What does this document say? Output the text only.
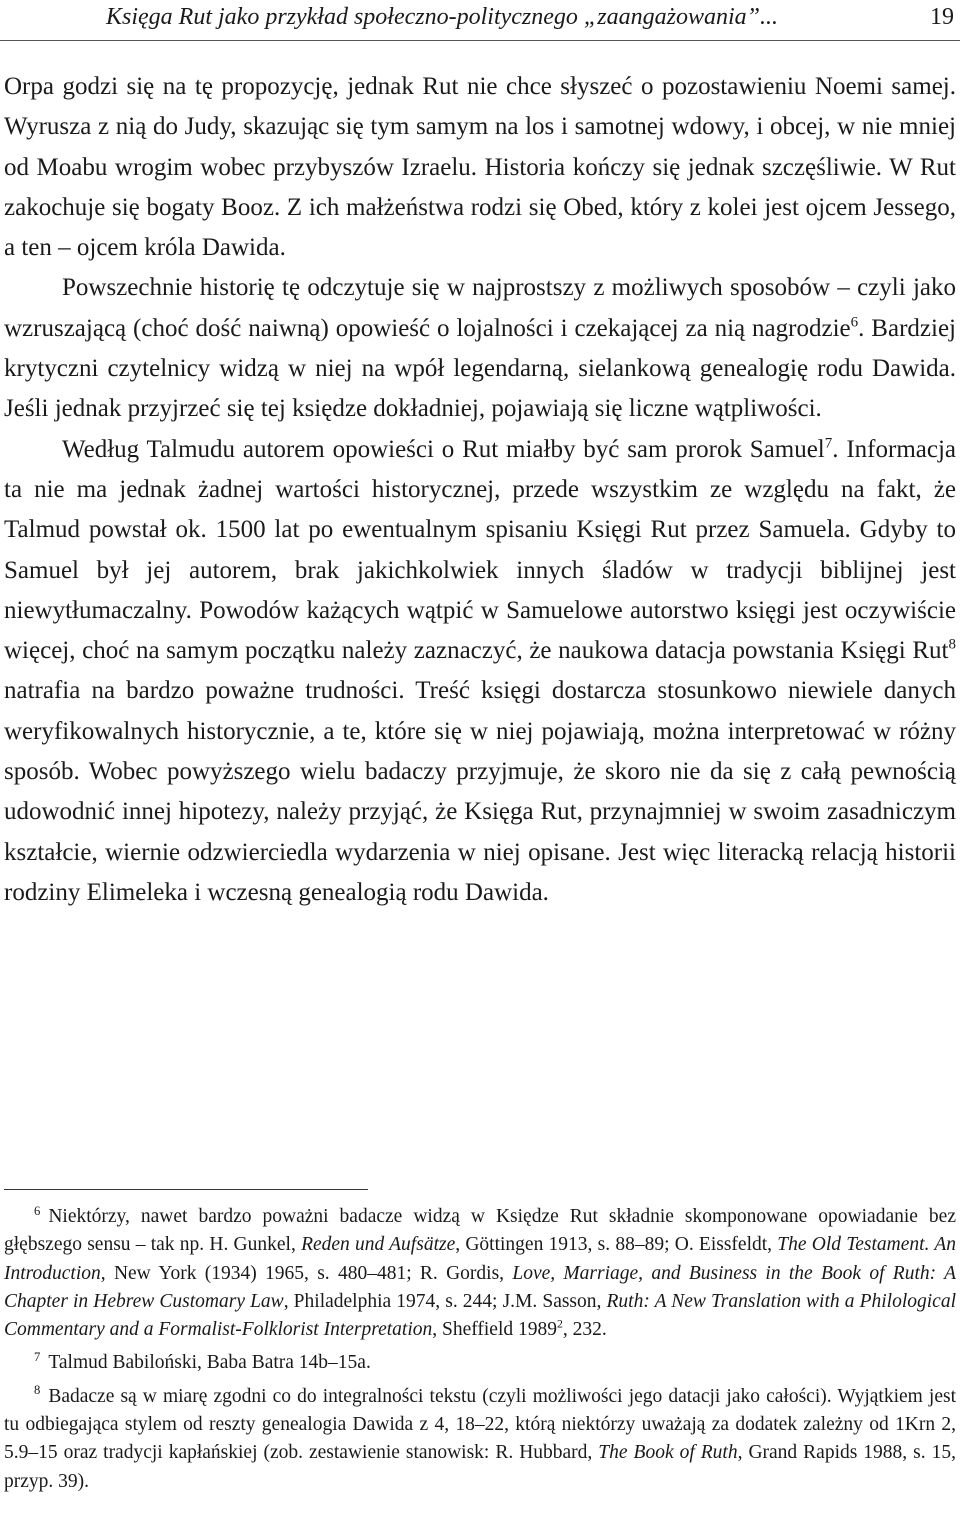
Księga Rut jako przykład społeczno-politycznego „zaangażowania”...	19

Orpa godzi się na tę propozycję, jednak Rut nie chce słyszeć o pozostawieniu Noemi samej. Wyrusza z nią do Judy, skazując się tym samym na los i samotnej wdowy, i obcej, w nie mniej od Moabu wrogim wobec przybyszów Izraelu. Historia kończy się jednak szczęśliwie. W Rut zakochuje się bogaty Booz. Z ich małżeństwa rodzi się Obed, który z kolei jest ojcem Jessego, a ten – ojcem króla Dawida.

Powszechnie historię tę odczytuje się w najprostszy z możliwych sposobów – czyli jako wzruszającą (choć dość naiwną) opowieść o lojalności i czekającej za nią nagrodzie$^6$. Bardziej krytyczni czytelnicy widzą w niej na wpół legendarną, sielankową genealogię rodu Dawida. Jeśli jednak przyjrzeć się tej księdze dokładniej, pojawiają się liczne wątpliwości.

Według Talmudu autorem opowieści o Rut miałby być sam prorok Samuel$^7$. Informacja ta nie ma jednak żadnej wartości historycznej, przede wszystkim ze względu na fakt, że Talmud powstał ok. 1500 lat po ewentualnym spisaniu Księgi Rut przez Samuela. Gdyby to Samuel był jej autorem, brak jakichkolwiek innych śladów w tradycji biblijnej jest niewytłumaczalny. Powodów każących wątpić w Samuelowe autorstwo księgi jest oczywiście więcej, choć na samym początku należy zaznaczyć, że naukowa datacja powstania Księgi Rut$^8$ natrafia na bardzo poważne trudności. Treść księgi dostarcza stosunkowo niewiele danych weryfikowalnych historycznie, a te, które się w niej pojawiają, można interpretować w różny sposób. Wobec powyższego wielu badaczy przyjmuje, że skoro nie da się z całą pewnością udowodnić innej hipotezy, należy przyjąć, że Księga Rut, przynajmniej w swoim zasadniczym kształcie, wiernie odzwierciedla wydarzenia w niej opisane. Jest więc literacką relacją historii rodziny Elimeleka i wczesną genealogią rodu Dawida.

$^6$ Niektórzy, nawet bardzo poważni badacze widzą w Księdze Rut składnie skomponowane opowiadanie bez głębszego sensu – tak np. H. Gunkel, Reden und Aufsätze, Göttingen 1913, s. 88–89; O. Eissfeldt, The Old Testament. An Introduction, New York (1934) 1965, s. 480–481; R. Gordis, Love, Marriage, and Business in the Book of Ruth: A Chapter in Hebrew Customary Law, Philadelphia 1974, s. 244; J.M. Sasson, Ruth: A New Translation with a Philological Commentary and a Formalist-Folklorist Interpretation, Sheffield 1989$^2$, 232.

$^7$ Talmud Babiloński, Baba Batra 14b–15a.

$^8$ Badacze są w miarę zgodni co do integralności tekstu (czyli możliwości jego datacji jako całości). Wyjątkiem jest tu odbiegająca stylem od reszty genealogia Dawida z 4, 18–22, którą niektórzy uważają za dodatek zależny od 1Krn 2, 5.9–15 oraz tradycji kapłańskiej (zob. zestawienie stanowisk: R. Hubbard, The Book of Ruth, Grand Rapids 1988, s. 15, przyp. 39).
